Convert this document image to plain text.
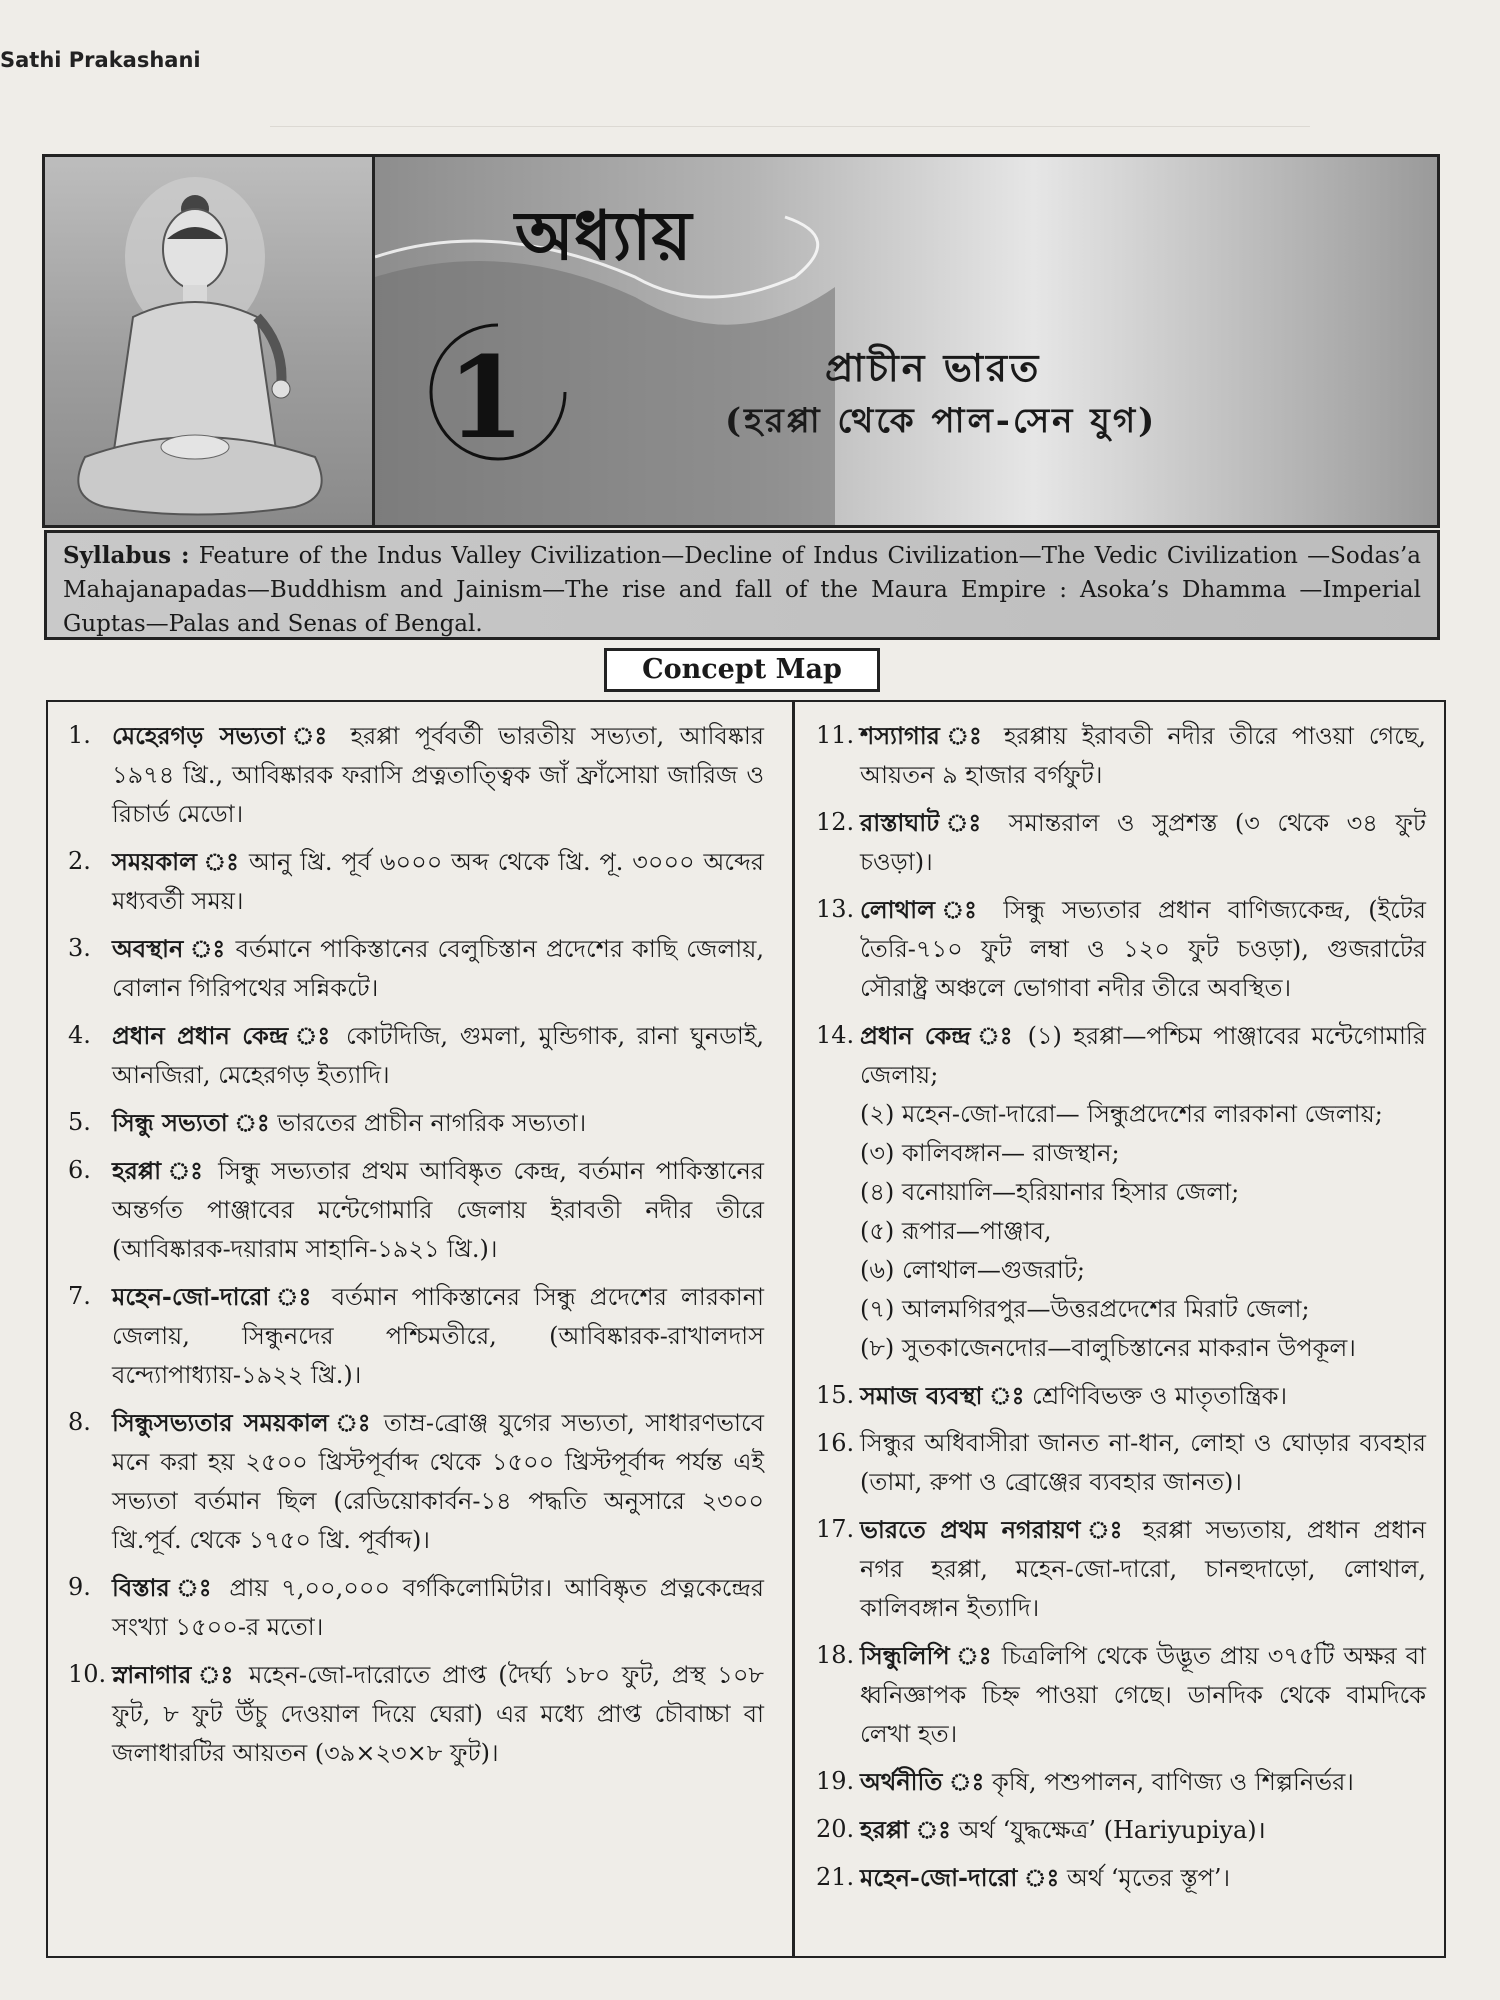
Sathi Prakashani
অধ্যায়
1	প্রাচীন ভারত
(হরপ্পা থেকে পাল-সেন যুগ)
Syllabus : Feature of the Indus Valley Civilization—Decline of Indus Civilization—The Vedic Civilization —Sodas’a Mahajanapadas—Buddhism and Jainism—The rise and fall of the Maura Empire : Asoka’s Dhamma —Imperial Guptas—Palas and Senas of Bengal.
Concept Map
1. মেহেরগড় সভ্যতা ঃ হরপ্পা পূর্ববর্তী ভারতীয় সভ্যতা, আবিষ্কার ১৯৭৪ খ্রি., আবিষ্কারক ফরাসি প্রত্নতাত্ত্বিক জাঁ ফ্রাঁসোয়া জারিজ ও রিচার্ড মেডো।
2. সময়কাল ঃ আনু খ্রি. পূর্ব ৬০০০ অব্দ থেকে খ্রি. পূ. ৩০০০ অব্দের মধ্যবর্তী সময়।
3. অবস্থান ঃ বর্তমানে পাকিস্তানের বেলুচিস্তান প্রদেশের কাছি জেলায়, বোলান গিরিপথের সন্নিকটে।
4. প্রধান প্রধান কেন্দ্র ঃ কোটদিজি, গুমলা, মুন্ডিগাক, রানা ঘুনডাই, আনজিরা, মেহেরগড় ইত্যাদি।
5. সিন্ধু সভ্যতা ঃ ভারতের প্রাচীন নাগরিক সভ্যতা।
6. হরপ্পা ঃ সিন্ধু সভ্যতার প্রথম আবিষ্কৃত কেন্দ্র, বর্তমান পাকিস্তানের অন্তর্গত পাঞ্জাবের মন্টেগোমারি জেলায় ইরাবতী নদীর তীরে (আবিষ্কারক-দয়ারাম সাহানি-১৯২১ খ্রি.)।
7. মহেন-জো-দারো ঃ বর্তমান পাকিস্তানের সিন্ধু প্রদেশের লারকানা জেলায়, সিন্ধুনদের পশ্চিমতীরে, (আবিষ্কারক-রাখালদাস বন্দ্যোপাধ্যায়-১৯২২ খ্রি.)।
8. সিন্ধুসভ্যতার সময়কাল ঃ তাম্র-ব্রোঞ্জ যুগের সভ্যতা, সাধারণভাবে মনে করা হয় ২৫০০ খ্রিস্টপূর্বাব্দ থেকে ১৫০০ খ্রিস্টপূর্বাব্দ পর্যন্ত এই সভ্যতা বর্তমান ছিল (রেডিয়োকার্বন-১৪ পদ্ধতি অনুসারে ২৩০০ খ্রি.পূর্ব. থেকে ১৭৫০ খ্রি. পূর্বাব্দ)।
9. বিস্তার ঃ প্রায় ৭,০০,০০০ বর্গকিলোমিটার। আবিষ্কৃত প্রত্নকেন্দ্রের সংখ্যা ১৫০০-র মতো।
10. স্নানাগার ঃ মহেন-জো-দারোতে প্রাপ্ত (দৈর্ঘ্য ১৮০ ফুট, প্রস্থ ১০৮ ফুট, ৮ ফুট উঁচু দেওয়াল দিয়ে ঘেরা) এর মধ্যে প্রাপ্ত চৌবাচ্চা বা জলাধারটির আয়তন (৩৯×২৩×৮ ফুট)।
11. শস্যাগার ঃ হরপ্পায় ইরাবতী নদীর তীরে পাওয়া গেছে, আয়তন ৯ হাজার বর্গফুট।
12. রাস্তাঘাট ঃ সমান্তরাল ও সুপ্রশস্ত (৩ থেকে ৩৪ ফুট চওড়া)।
13. লোথাল ঃ সিন্ধু সভ্যতার প্রধান বাণিজ্যকেন্দ্র, (ইটের তৈরি-৭১০ ফুট লম্বা ও ১২০ ফুট চওড়া), গুজরাটের সৌরাষ্ট্র অঞ্চলে ভোগাবা নদীর তীরে অবস্থিত।
14. প্রধান কেন্দ্র ঃ (১) হরপ্পা—পশ্চিম পাঞ্জাবের মন্টেগোমারি জেলায়;
(২) মহেন-জো-দারো— সিন্ধুপ্রদেশের লারকানা জেলায়;
(৩) কালিবঙ্গান— রাজস্থান;
(৪) বনোয়ালি—হরিয়ানার হিসার জেলা;
(৫) রূপার—পাঞ্জাব,
(৬) লোথাল—গুজরাট;
(৭) আলমগিরপুর—উত্তরপ্রদেশের মিরাট জেলা;
(৮) সুতকাজেনদোর—বালুচিস্তানের মাকরান উপকূল।
15. সমাজ ব্যবস্থা ঃ শ্রেণিবিভক্ত ও মাতৃতান্ত্রিক।
16. সিন্ধুর অধিবাসীরা জানত না-ধান, লোহা ও ঘোড়ার ব্যবহার (তামা, রুপা ও ব্রোঞ্জের ব্যবহার জানত)।
17. ভারতে প্রথম নগরায়ণ ঃ হরপ্পা সভ্যতায়, প্রধান প্রধান নগর হরপ্পা, মহেন-জো-দারো, চানহুদাড়ো, লোথাল, কালিবঙ্গান ইত্যাদি।
18. সিন্ধুলিপি ঃ চিত্রলিপি থেকে উদ্ভূত প্রায় ৩৭৫টি অক্ষর বা ধ্বনিজ্ঞাপক চিহ্ন পাওয়া গেছে। ডানদিক থেকে বামদিকে লেখা হত।
19. অর্থনীতি ঃ কৃষি, পশুপালন, বাণিজ্য ও শিল্পনির্ভর।
20. হরপ্পা ঃ অর্থ ‘যুদ্ধক্ষেত্র’ (Hariyupiya)।
21. মহেন-জো-দারো ঃ অর্থ ‘মৃতের স্তূপ’।
